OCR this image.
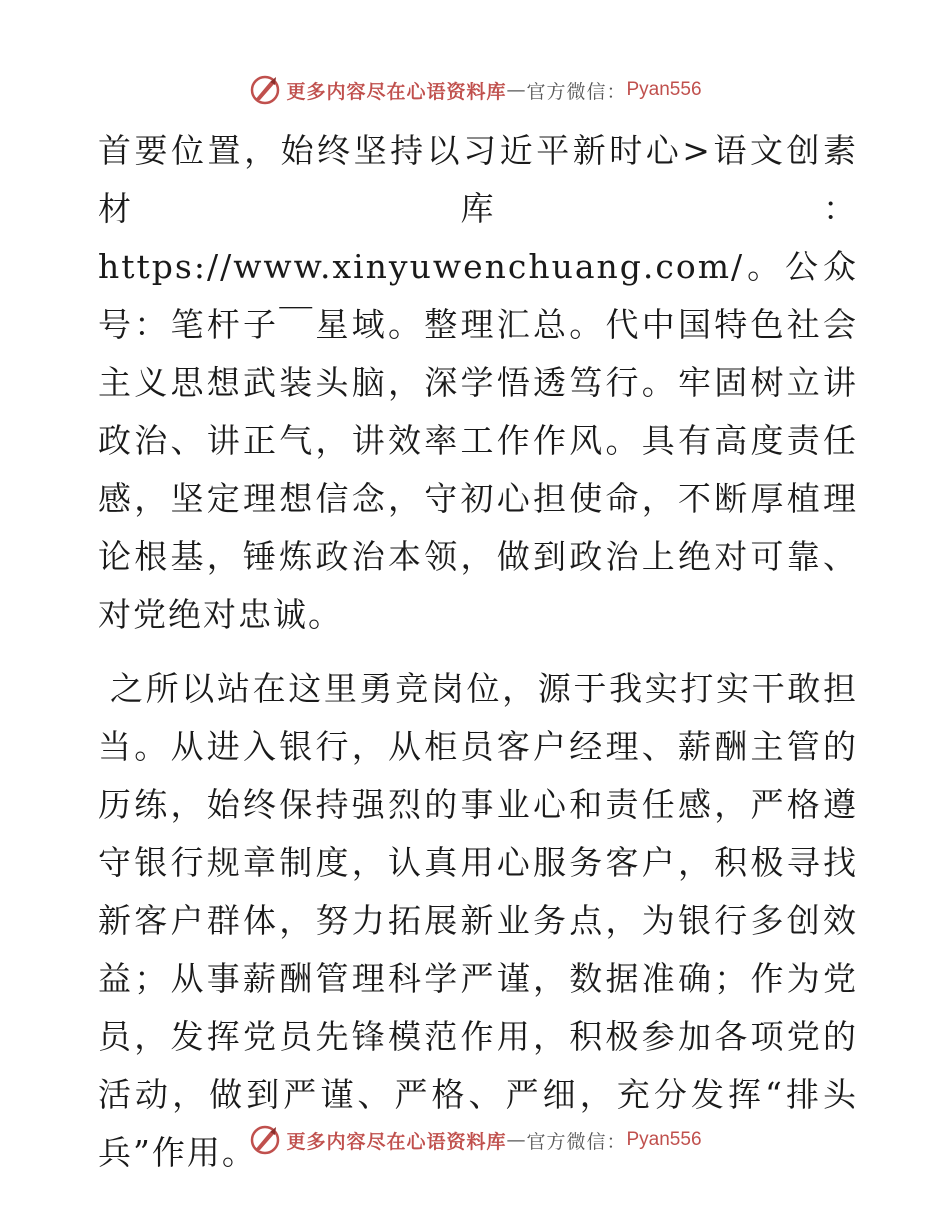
更多内容尽在心语资料库 — 官方微信： Pyan556

首要位置，始终坚持以习近平新时心>语文创素材库：https://www.xinyuwenchuang.com/。公众号：笔杆子￣星域。整理汇总。代中国特色社会主义思想武装头脑，深学悟透笃行。牢固树立讲政治、讲正气，讲效率工作作风。具有高度责任感，坚定理想信念，守初心担使命，不断厚植理论根基，锤炼政治本领，做到政治上绝对可靠、对党绝对忠诚。

之所以站在这里勇竞岗位，源于我实打实干敢担当。从进入银行，从柜员客户经理、薪酬主管的历练，始终保持强烈的事业心和责任感，严格遵守银行规章制度，认真用心服务客户，积极寻找新客户群体，努力拓展新业务点，为银行多创效益；从事薪酬管理科学严谨，数据准确；作为党员，发挥党员先锋模范作用，积极参加各项党的活动，做到严谨、严格、严细，充分发挥“排头兵”作用。	更多内容尽在心语资料库 — 官方微信： Pyan556
